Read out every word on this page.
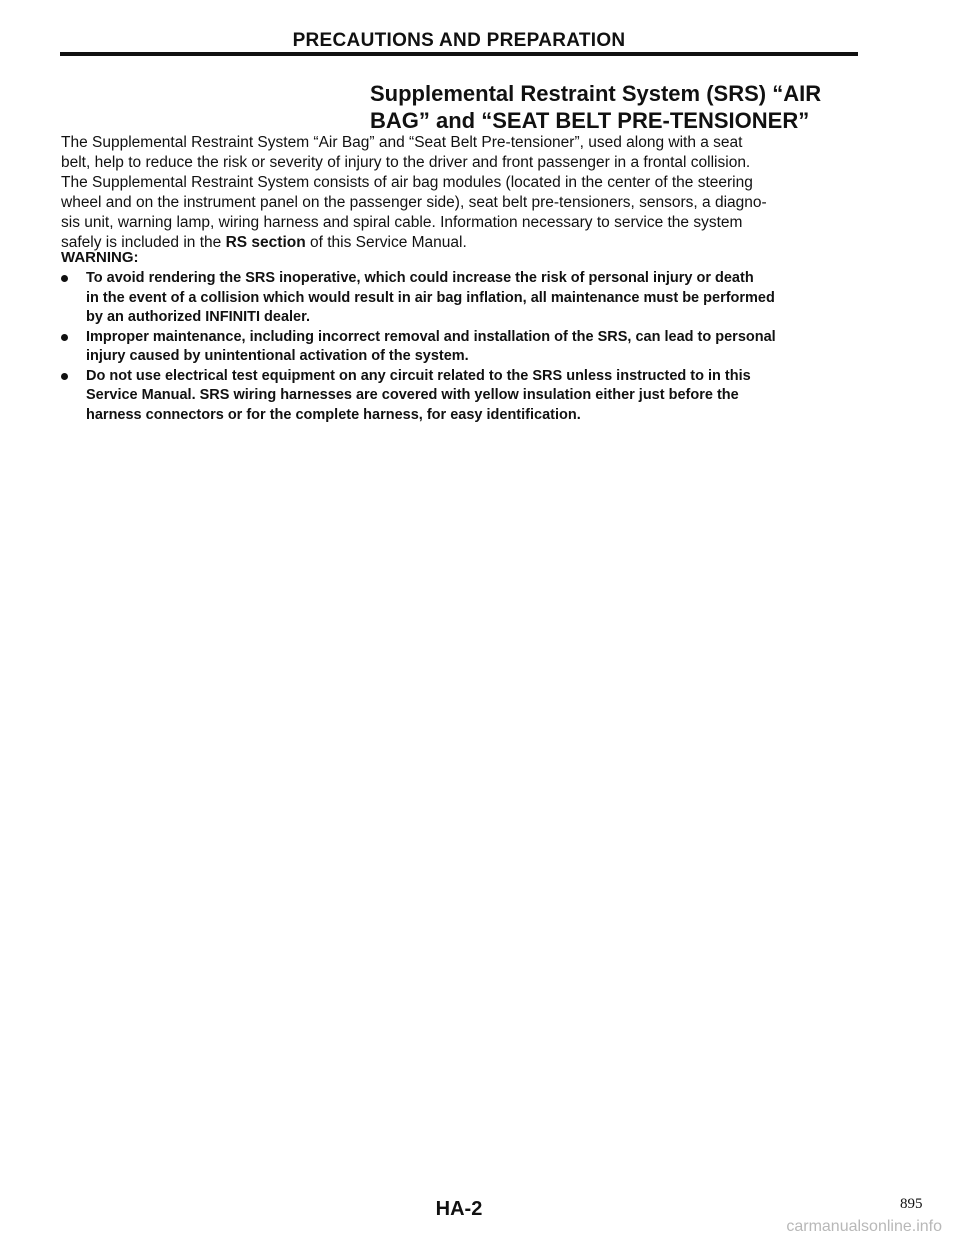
PRECAUTIONS AND PREPARATION
Supplemental Restraint System (SRS) “AIR
BAG” and “SEAT BELT PRE-TENSIONER”
The Supplemental Restraint System “Air Bag” and “Seat Belt Pre-tensioner”, used along with a seat
belt, help to reduce the risk or severity of injury to the driver and front passenger in a frontal collision.
The Supplemental Restraint System consists of air bag modules (located in the center of the steering
wheel and on the instrument panel on the passenger side), seat belt pre-tensioners, sensors, a diagno-
sis unit, warning lamp, wiring harness and spiral cable. Information necessary to service the system
safely is included in the RS section of this Service Manual.
WARNING:
To avoid rendering the SRS inoperative, which could increase the risk of personal injury or death
in the event of a collision which would result in air bag inflation, all maintenance must be performed
by an authorized INFINITI dealer.
Improper maintenance, including incorrect removal and installation of the SRS, can lead to personal
injury caused by unintentional activation of the system.
Do not use electrical test equipment on any circuit related to the SRS unless instructed to in this
Service Manual. SRS wiring harnesses are covered with yellow insulation either just before the
harness connectors or for the complete harness, for easy identification.
HA-2	895
carmanualsonline.info
